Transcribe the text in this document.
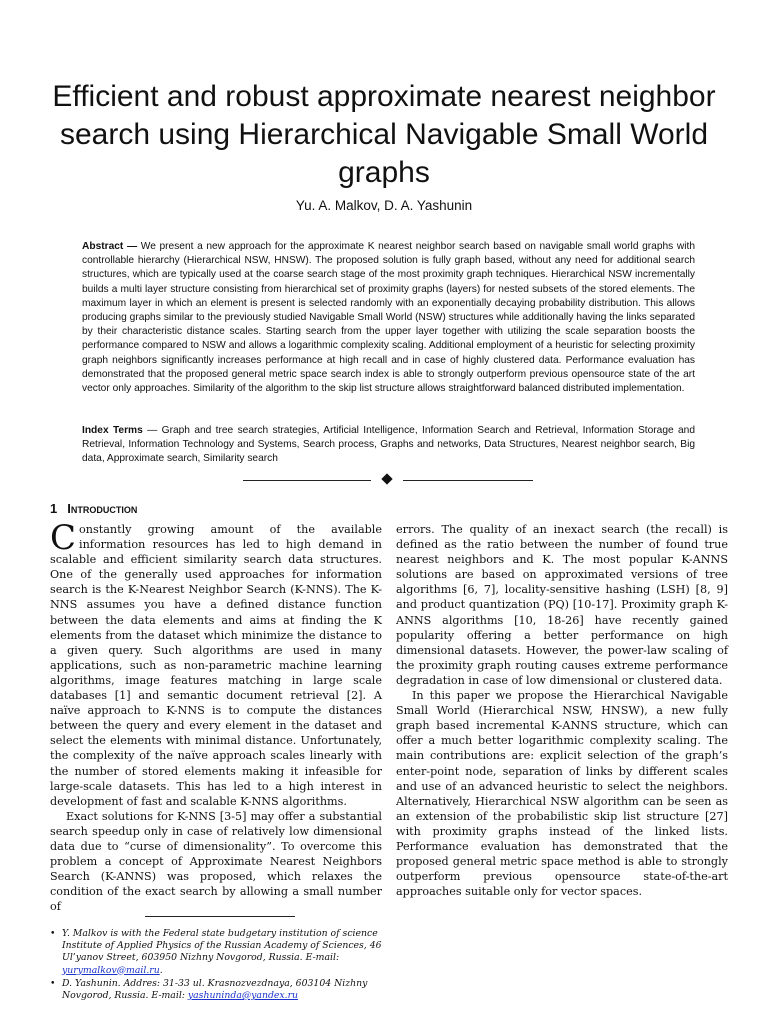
Efficient and robust approximate nearest neighbor search using Hierarchical Navigable Small World graphs
Yu. A. Malkov, D. A. Yashunin

Abstract — We present a new approach for the approximate K nearest neighbor search based on navigable small world graphs with controllable hierarchy (Hierarchical NSW, HNSW). The proposed solution is fully graph based, without any need for additional search structures, which are typically used at the coarse search stage of the most proximity graph techniques. Hierarchical NSW incrementally builds a multi layer structure consisting from hierarchical set of proximity graphs (layers) for nested subsets of the stored elements. The maximum layer in which an element is present is selected randomly with an exponentially decaying probability distribution. This allows producing graphs similar to the previously studied Navigable Small World (NSW) structures while additionally having the links separated by their characteristic distance scales. Starting search from the upper layer together with utilizing the scale separation boosts the performance compared to NSW and allows a logarithmic complexity scaling. Additional employment of a heuristic for selecting proximity graph neighbors significantly increases performance at high recall and in case of highly clustered data. Performance evaluation has demonstrated that the proposed general metric space search index is able to strongly outperform previous opensource state of the art vector only approaches. Similarity of the algorithm to the skip list structure allows straightforward balanced distributed implementation.

Index Terms — Graph and tree search strategies, Artificial Intelligence, Information Search and Retrieval, Information Storage and Retrieval, Information Technology and Systems, Search process, Graphs and networks, Data Structures, Nearest neighbor search, Big data, Approximate search, Similarity search

1 Introduction

Constantly growing amount of the available information resources has led to high demand in scalable and efficient similarity search data structures. One of the generally used approaches for information search is the K-Nearest Neighbor Search (K-NNS). The K-NNS assumes you have a defined distance function between the data elements and aims at finding the K elements from the dataset which minimize the distance to a given query. Such algorithms are used in many applications, such as non-parametric machine learning algorithms, image features matching in large scale databases [1] and semantic document retrieval [2]. A naïve approach to K-NNS is to compute the distances between the query and every element in the dataset and select the elements with minimal distance. Unfortunately, the complexity of the naïve approach scales linearly with the number of stored elements making it infeasible for large-scale datasets. This has led to a high interest in development of fast and scalable K-NNS algorithms.

Exact solutions for K-NNS [3-5] may offer a substantial search speedup only in case of relatively low dimensional data due to “curse of dimensionality”. To overcome this problem a concept of Approximate Nearest Neighbors Search (K-ANNS) was proposed, which relaxes the condition of the exact search by allowing a small number of

errors. The quality of an inexact search (the recall) is defined as the ratio between the number of found true nearest neighbors and K. The most popular K-ANNS solutions are based on approximated versions of tree algorithms [6, 7], locality-sensitive hashing (LSH) [8, 9] and product quantization (PQ) [10-17]. Proximity graph K-ANNS algorithms [10, 18-26] have recently gained popularity offering a better performance on high dimensional datasets. However, the power-law scaling of the proximity graph routing causes extreme performance degradation in case of low dimensional or clustered data.

In this paper we propose the Hierarchical Navigable Small World (Hierarchical NSW, HNSW), a new fully graph based incremental K-ANNS structure, which can offer a much better logarithmic complexity scaling. The main contributions are: explicit selection of the graph’s enter-point node, separation of links by different scales and use of an advanced heuristic to select the neighbors. Alternatively, Hierarchical NSW algorithm can be seen as an extension of the probabilistic skip list structure [27] with proximity graphs instead of the linked lists. Performance evaluation has demonstrated that the proposed general metric space method is able to strongly outperform previous opensource state-of-the-art approaches suitable only for vector spaces.

• Y. Malkov is with the Federal state budgetary institution of science Institute of Applied Physics of the Russian Academy of Sciences, 46 Ul’yanov Street, 603950 Nizhny Novgorod, Russia. E-mail: yurymalkov@mail.ru.
• D. Yashunin. Addres: 31-33 ul. Krasnozvezdnaya, 603104 Nizhny Novgorod, Russia. E-mail: yashuninda@yandex.ru
